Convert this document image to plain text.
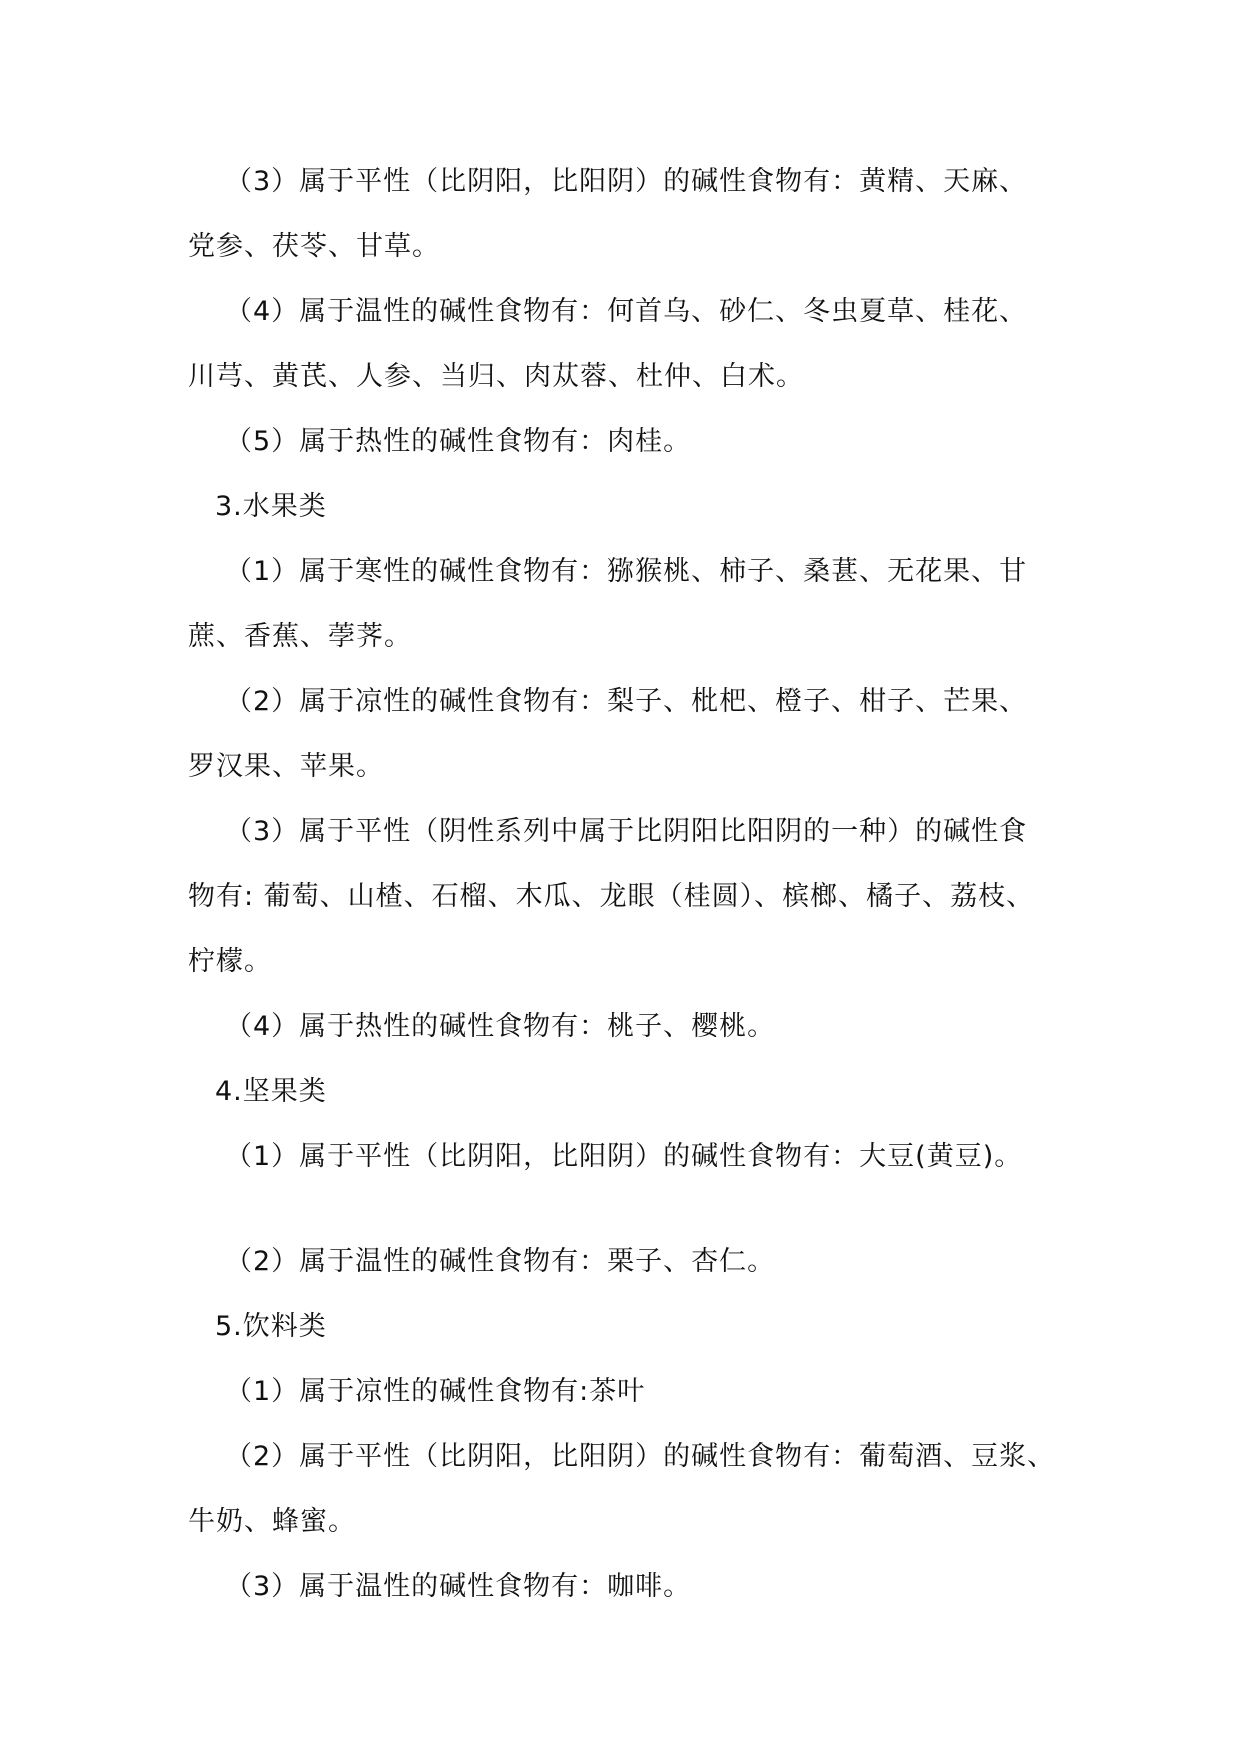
（3）属于平性（比阴阳，比阳阴）的碱性食物有：黄精、天麻、
党参、茯苓、甘草。
（4）属于温性的碱性食物有：何首乌、砂仁、冬虫夏草、桂花、
川芎、黄芪、人参、当归、肉苁蓉、杜仲、白术。
（5）属于热性的碱性食物有：肉桂。
3.水果类
（1）属于寒性的碱性食物有：猕猴桃、柿子、桑葚、无花果、甘
蔗、香蕉、荸荠。
（2）属于凉性的碱性食物有：梨子、枇杷、橙子、柑子、芒果、
罗汉果、苹果。
（3）属于平性（阴性系列中属于比阴阳比阳阴的一种）的碱性食
物有: 葡萄、山楂、石榴、木瓜、龙眼（桂圆）、槟榔、橘子、荔枝、
柠檬。
（4）属于热性的碱性食物有：桃子、樱桃。
4.坚果类
（1）属于平性（比阴阳，比阳阴）的碱性食物有：大豆(黄豆)。
（2）属于温性的碱性食物有：栗子、杏仁。
5.饮料类
（1）属于凉性的碱性食物有:茶叶
（2）属于平性（比阴阳，比阳阴）的碱性食物有：葡萄酒、豆浆、
牛奶、蜂蜜。
（3）属于温性的碱性食物有：咖啡。
